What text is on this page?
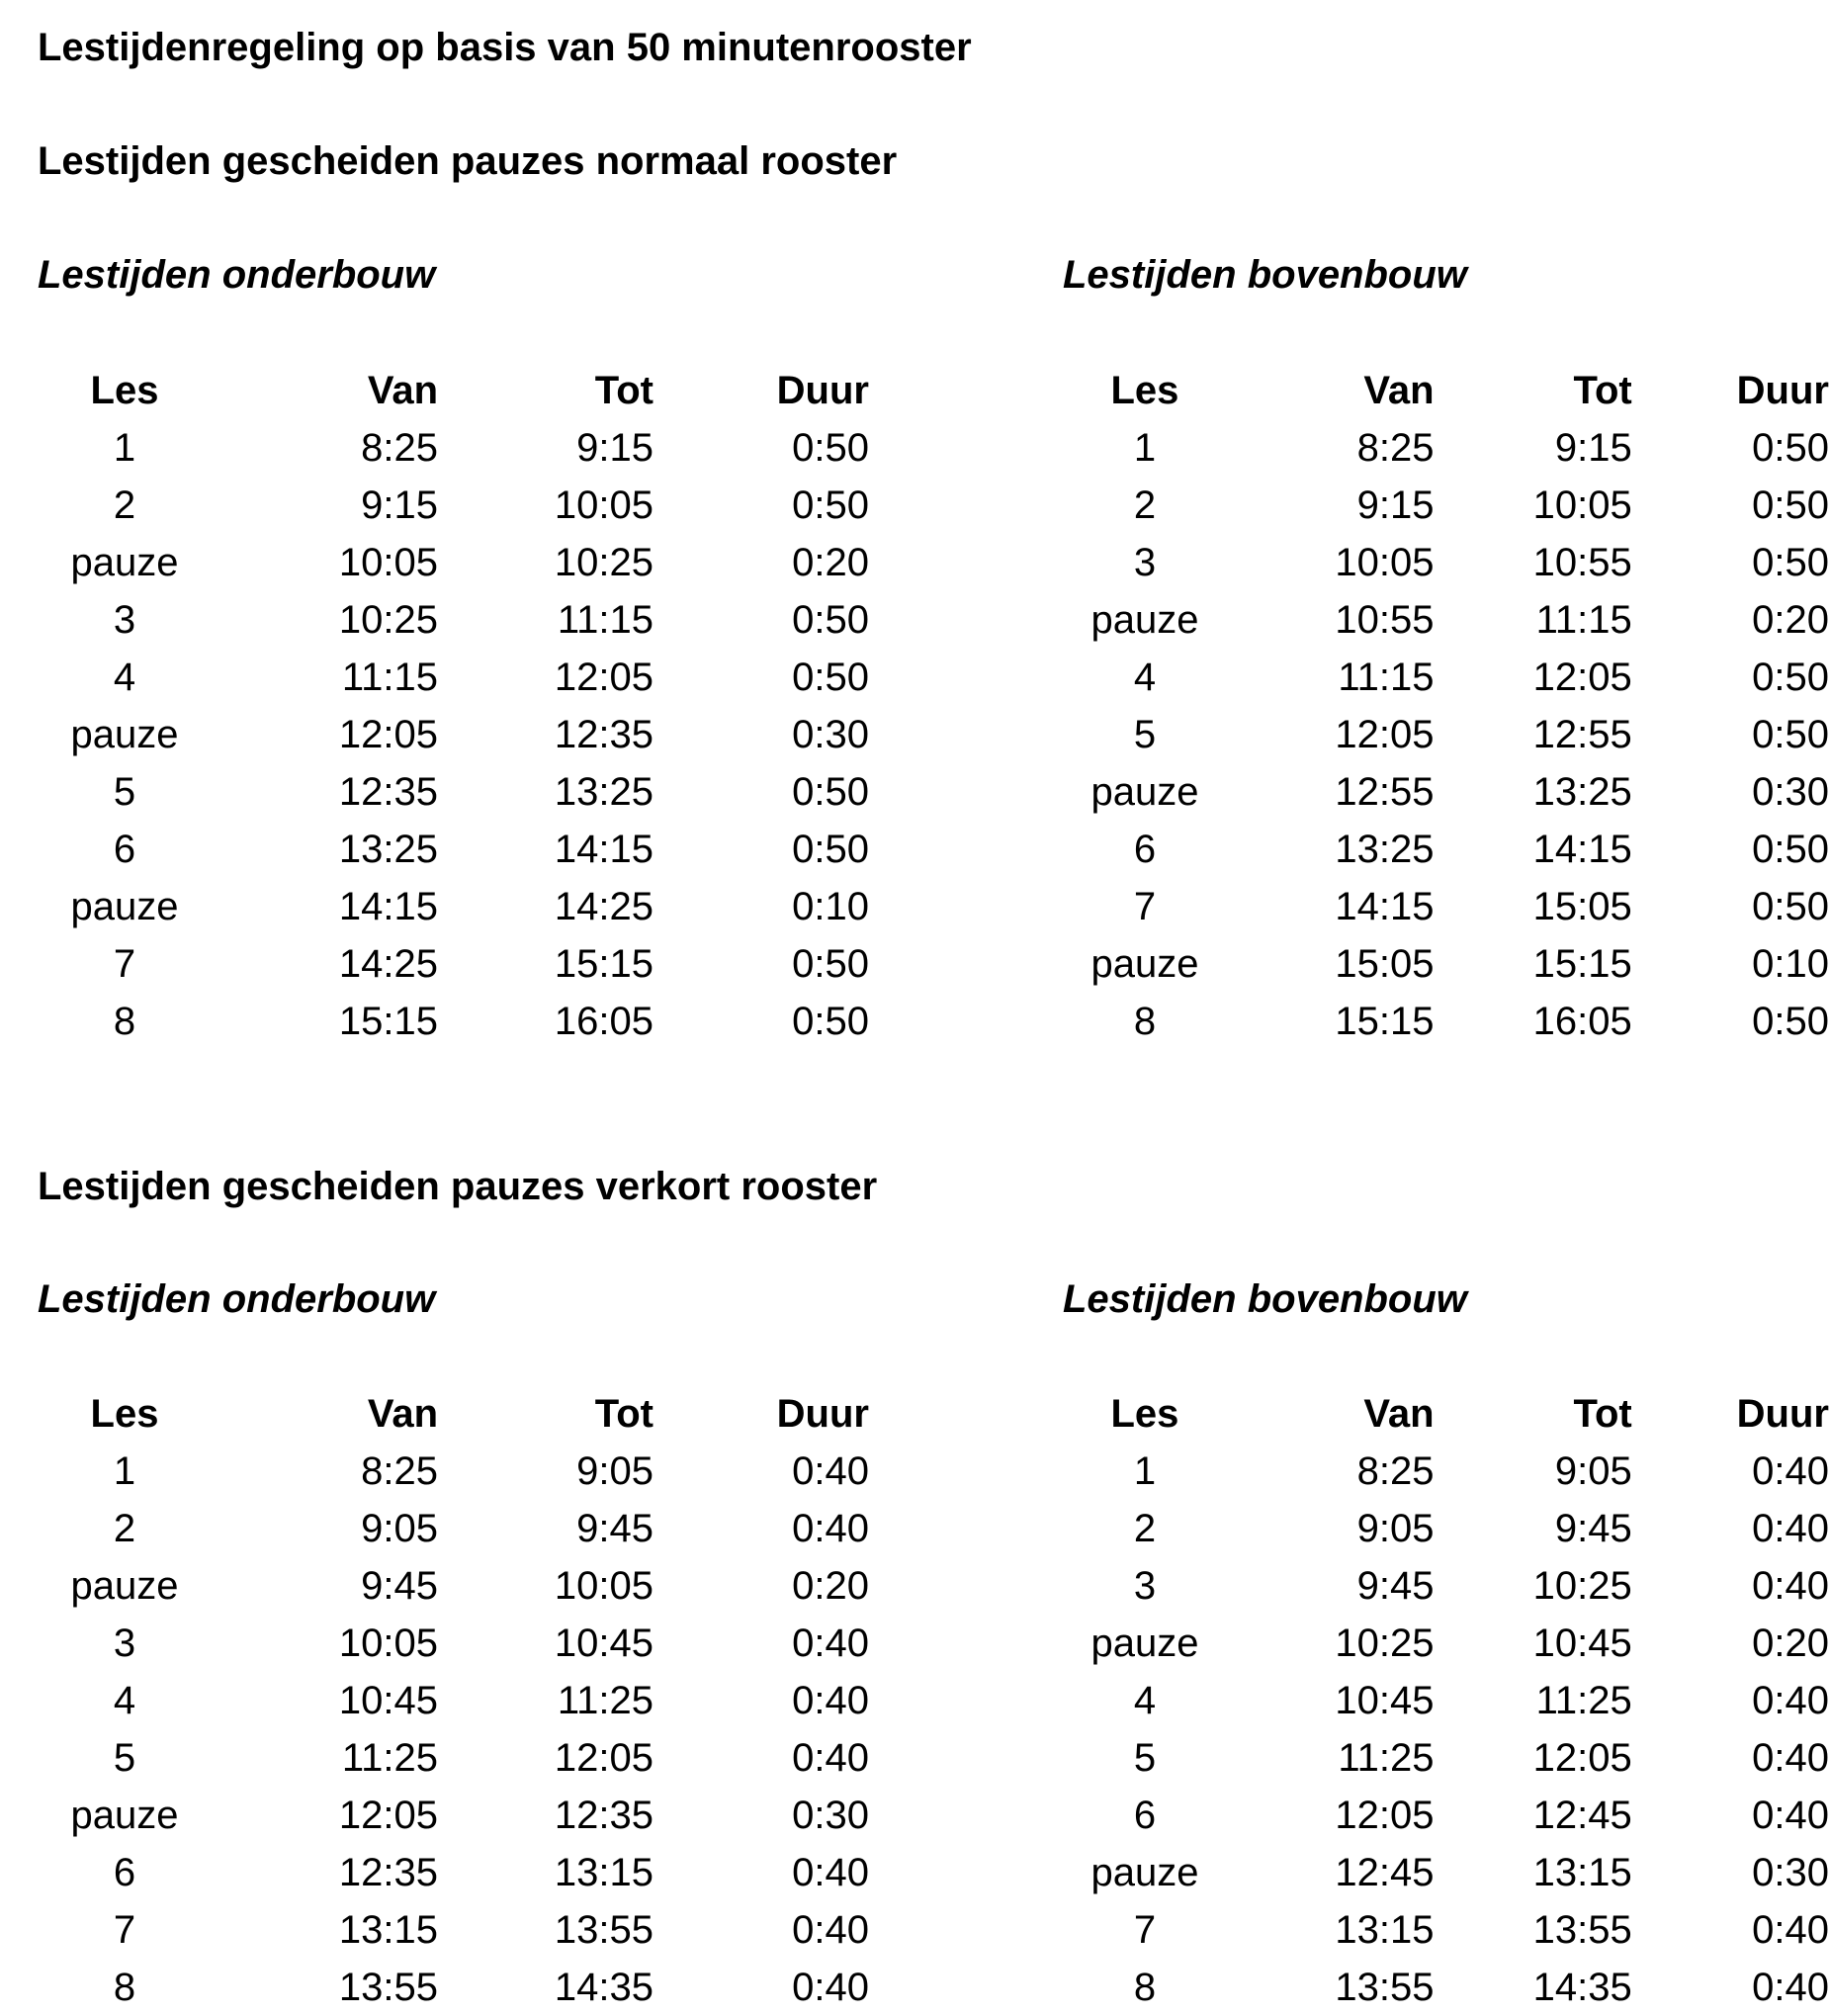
Lestijdenregeling op basis van 50 minutenrooster
Lestijden gescheiden pauzes normaal rooster
Lestijden onderbouw	Lestijden bovenbouw
Les	Van	Tot	Duur
1	8:25	9:15	0:50
2	9:15	10:05	0:50
pauze	10:05	10:25	0:20
3	10:25	11:15	0:50
4	11:15	12:05	0:50
pauze	12:05	12:35	0:30
5	12:35	13:25	0:50
6	13:25	14:15	0:50
pauze	14:15	14:25	0:10
7	14:25	15:15	0:50
8	15:15	16:05	0:50
Les	Van	Tot	Duur
1	8:25	9:15	0:50
2	9:15	10:05	0:50
3	10:05	10:55	0:50
pauze	10:55	11:15	0:20
4	11:15	12:05	0:50
5	12:05	12:55	0:50
pauze	12:55	13:25	0:30
6	13:25	14:15	0:50
7	14:15	15:05	0:50
pauze	15:05	15:15	0:10
8	15:15	16:05	0:50
Lestijden gescheiden pauzes verkort rooster
Lestijden onderbouw	Lestijden bovenbouw
Les	Van	Tot	Duur
1	8:25	9:05	0:40
2	9:05	9:45	0:40
pauze	9:45	10:05	0:20
3	10:05	10:45	0:40
4	10:45	11:25	0:40
5	11:25	12:05	0:40
pauze	12:05	12:35	0:30
6	12:35	13:15	0:40
7	13:15	13:55	0:40
8	13:55	14:35	0:40
Les	Van	Tot	Duur
1	8:25	9:05	0:40
2	9:05	9:45	0:40
3	9:45	10:25	0:40
pauze	10:25	10:45	0:20
4	10:45	11:25	0:40
5	11:25	12:05	0:40
6	12:05	12:45	0:40
pauze	12:45	13:15	0:30
7	13:15	13:55	0:40
8	13:55	14:35	0:40
